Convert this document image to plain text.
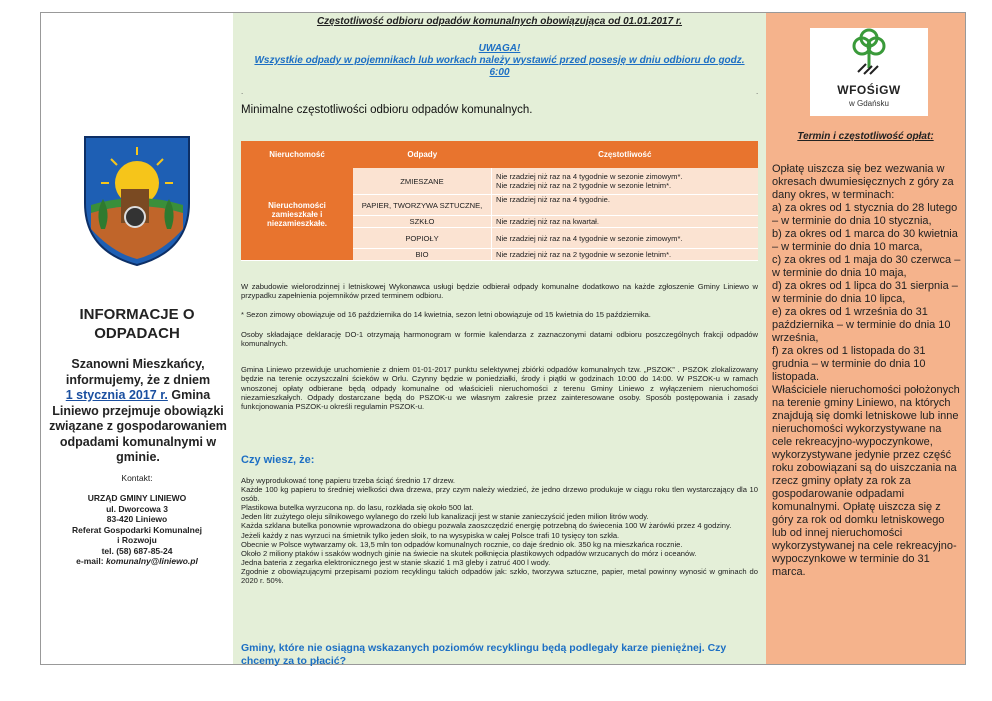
INFORMACJE O ODPADACH
Szanowni Mieszkańcy, informujemy, że z dniem
1 stycznia 2017 r. Gmina Liniewo przejmuje obowiązki związane z gospodarowaniem odpadami komunalnymi w gminie.
Kontakt:
URZĄD GMINY LINIEWO
ul. Dworcowa 3
83-420 Liniewo
Referat Gospodarki Komunalnej
i Rozwoju
tel. (58) 687-85-24
e-mail: komunalny@liniewo.pl
Częstotliwość odbioru odpadów komunalnych obowiązująca od 01.01.2017 r.
UWAGA!
Wszystkie odpady w pojemnikach lub workach należy wystawić przed posesję w dniu odbioru do godz. 6:00
.	.
Minimalne częstotliwości odbioru odpadów komunalnych.
Nieruchomość	Odpady	Częstotliwość
Nieruchomości zamieszkałe i niezamieszkałe.	ZMIESZANE	Nie rzadziej niż raz na 4 tygodnie w sezonie zimowym*.
Nie rzadziej niż raz na 2 tygodnie w sezonie letnim*.

	PAPIER, TWORZYWA SZTUCZNE,	Nie rzadziej niż raz na 4 tygodnie.
	SZKŁO	Nie rzadziej niż raz na kwartał.
	POPIOŁY	Nie rzadziej niż raz na 4 tygodnie w sezonie zimowym*.
	BIO	Nie rzadziej niż raz na 2 tygodnie w sezonie letnim*.
W zabudowie wielorodzinnej i letniskowej Wykonawca usługi będzie odbierał odpady komunalne dodatkowo na każde zgłoszenie Gminy Liniewo w przypadku zapełnienia pojemników przed terminem odbioru.
* Sezon zimowy obowiązuje od 16 października do 14 kwietnia, sezon letni obowiązuje od 15 kwietnia do 15 października.
Osoby składające deklarację DO-1 otrzymają harmonogram w formie kalendarza z zaznaczonymi datami odbioru poszczególnych frakcji odpadów komunalnych.
Gmina Liniewo przewiduje uruchomienie z dniem 01-01-2017 punktu selektywnej zbiórki odpadów komunalnych tzw. „PSZOK” . PSZOK zlokalizowany będzie na terenie oczyszczalni ścieków w Orlu. Czynny będzie w poniedziałki, środy i piątki w godzinach 10:00 do 14:00. W PSZOK-u w ramach wnoszonej opłaty odbierane będą odpady komunalne od właścicieli nieruchomości z terenu Gminy Liniewo z wyłączeniem nieruchomości niezamieszkałych. Odpady dostarczane będą do PSZOK-u we własnym zakresie przez zainteresowane osoby. Sposób postępowania i zasady funkcjonowania PSZOK-u określi regulamin PSZOK-u.
Czy wiesz, że:
Aby wyprodukować tonę papieru trzeba ściąć średnio 17 drzew.
Każde 100 kg papieru to średniej wielkości dwa drzewa, przy czym należy wiedzieć, że jedno drzewo produkuje w ciągu roku tlen wystarczający dla 10 osób.
Plastikowa butelka wyrzucona np. do lasu, rozkłada się około 500 lat.
Jeden litr zużytego oleju silnikowego wylanego do rzeki lub kanalizacji jest w stanie zanieczyścić jeden milion litrów wody.
Każda szklana butelka ponownie wprowadzona do obiegu pozwala zaoszczędzić energię potrzebną do świecenia 100 W żarówki przez 4 godziny.
Jeżeli każdy z nas wyrzuci na śmietnik tylko jeden słoik, to na wysypiska w całej Polsce trafi 10 tysięcy ton szkła.
Obecnie w Polsce wytwarzamy ok. 13,5 mln ton odpadów komunalnych rocznie, co daje średnio ok. 350 kg na mieszkańca rocznie.
Około 2 miliony ptaków i ssaków wodnych ginie na świecie na skutek połknięcia plastikowych odpadów wrzucanych do mórz i oceanów.
Jedna bateria z zegarka elektronicznego jest w stanie skazić 1 m3 gleby i zatruć 400 l wody.
Zgodnie z obowiązującymi przepisami poziom recyklingu takich odpadów jak: szkło, tworzywa sztuczne, papier, metal powinny wynosić w gminach do 2020 r. 50%.
Gminy, które nie osiągną wskazanych poziomów recyklingu będą podlegały karze pieniężnej. Czy chcemy za to płacić?
WFOŚiGW
w Gdańsku
Termin i częstotliwość opłat:
Opłatę uiszcza się bez wezwania w okresach dwumiesięcznych z góry za dany okres, w terminach:
a) za okres od 1 stycznia do 28 lutego – w terminie do dnia 10 stycznia,
b) za okres od 1 marca do 30 kwietnia – w terminie do dnia 10 marca,
c) za okres od 1 maja do 30 czerwca – w terminie do dnia 10 maja,
d) za okres od 1 lipca do 31 sierpnia – w terminie do dnia 10 lipca,
e) za okres od 1 września do 31 października – w terminie do dnia 10 września,
f) za okres od 1 listopada do 31 grudnia – w terminie do dnia 10 listopada.
Właściciele nieruchomości położonych na terenie gminy Liniewo, na których znajdują się domki letniskowe lub inne nieruchomości wykorzystywane na cele rekreacyjno-wypoczynkowe, wykorzystywane jedynie przez część roku zobowiązani są do uiszczania na rzecz gminy opłaty za rok za gospodarowanie odpadami komunalnymi. Opłatę uiszcza się z góry za rok od domku letniskowego lub od innej nieruchomości wykorzystywanej na cele rekreacyjno-wypoczynkowe w terminie do 31 marca.
